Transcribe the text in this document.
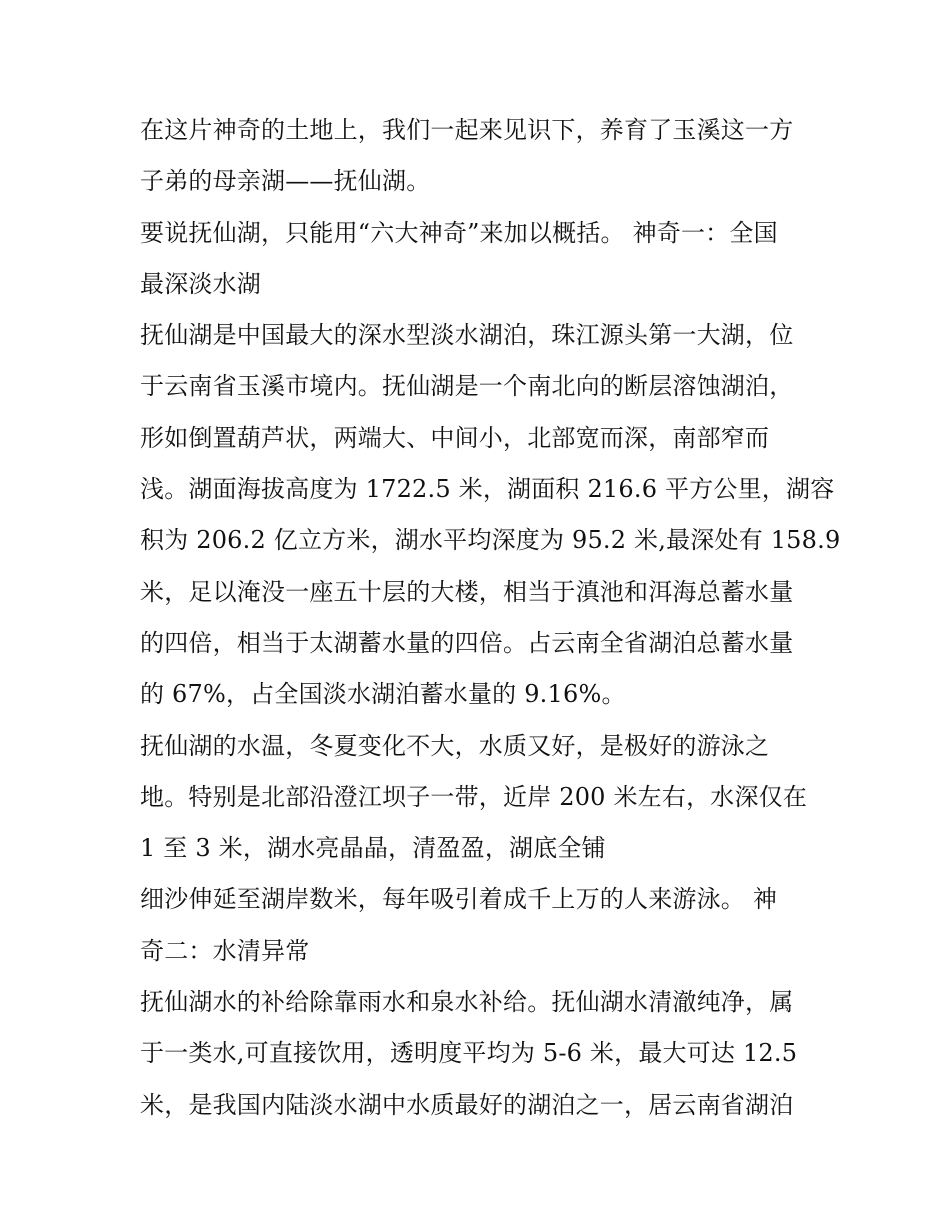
在这片神奇的土地上，我们一起来见识下，养育了玉溪这一方
子弟的母亲湖——抚仙湖。
要说抚仙湖，只能用“六大神奇”来加以概括。 神奇一：全国
最深淡水湖
抚仙湖是中国最大的深水型淡水湖泊，珠江源头第一大湖，位
于云南省玉溪市境内。抚仙湖是一个南北向的断层溶蚀湖泊，
形如倒置葫芦状，两端大、中间小，北部宽而深，南部窄而
浅。湖面海拔高度为 1722.5 米，湖面积 216.6 平方公里，湖容
积为 206.2 亿立方米，湖水平均深度为 95.2 米,最深处有 158.9
米，足以淹没一座五十层的大楼，相当于滇池和洱海总蓄水量
的四倍，相当于太湖蓄水量的四倍。占云南全省湖泊总蓄水量
的 67%，占全国淡水湖泊蓄水量的 9.16%。
抚仙湖的水温，冬夏变化不大，水质又好，是极好的游泳之
地。特别是北部沿澄江坝子一带，近岸 200 米左右，水深仅在
1 至 3 米，湖水亮晶晶，清盈盈，湖底全铺
细沙伸延至湖岸数米，每年吸引着成千上万的人来游泳。 神
奇二：水清异常
抚仙湖水的补给除靠雨水和泉水补给。抚仙湖水清澈纯净，属
于一类水,可直接饮用，透明度平均为 5-6 米，最大可达 12.5
米，是我国内陆淡水湖中水质最好的湖泊之一，居云南省湖泊
